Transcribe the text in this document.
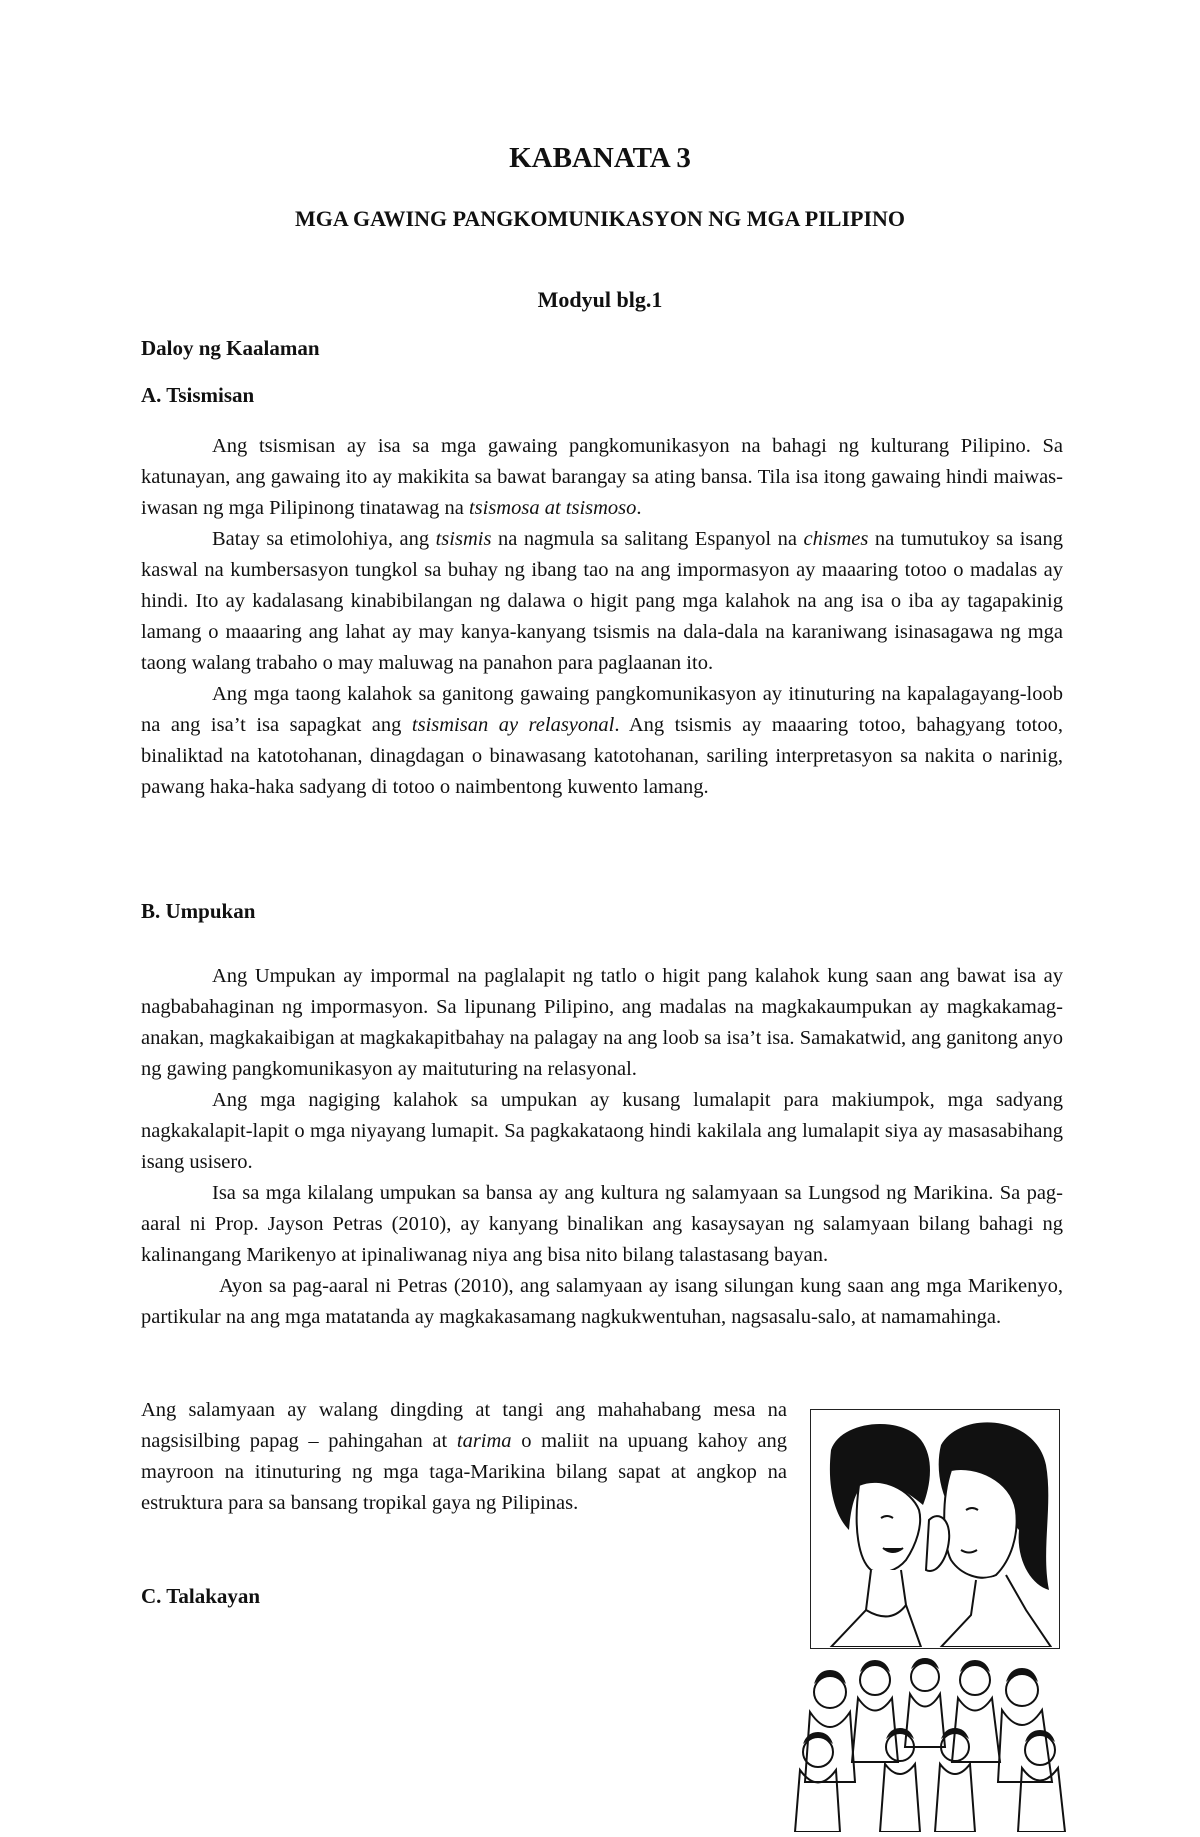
KABANATA 3
MGA GAWING PANGKOMUNIKASYON NG MGA PILIPINO
Modyul blg.1
Daloy ng Kaalaman
A. Tsismisan

Ang tsismisan ay isa sa mga gawaing pangkomunikasyon na bahagi ng kulturang Pilipino. Sa katunayan, ang gawaing ito ay makikita sa bawat barangay sa ating bansa. Tila isa itong gawaing hindi maiwas-iwasan ng mga Pilipinong tinatawag na tsismosa at tsismoso.

Batay sa etimolohiya, ang tsismis na nagmula sa salitang Espanyol na chismes na tumutukoy sa isang kaswal na kumbersasyon tungkol sa buhay ng ibang tao na ang impormasyon ay maaaring totoo o madalas ay hindi. Ito ay kadalasang kinabibilangan ng dalawa o higit pang mga kalahok na ang isa o iba ay tagapakinig lamang o maaaring ang lahat ay may kanya-kanyang tsismis na dala-dala na karaniwang isinasagawa ng mga taong walang trabaho o may maluwag na panahon para paglaanan ito.

Ang mga taong kalahok sa ganitong gawaing pangkomunikasyon ay itinuturing na kapalagayang-loob na ang isa’t isa sapagkat ang tsismisan ay relasyonal. Ang tsismis ay maaaring totoo, bahagyang totoo, binaliktad na katotohanan, dinagdagan o binawasang katotohanan, sariling interpretasyon sa nakita o narinig, pawang haka-haka sadyang di totoo o naimbentong kuwento lamang.

B. Umpukan

Ang Umpukan ay impormal na paglalapit ng tatlo o higit pang kalahok kung saan ang bawat isa ay nagbabahaginan ng impormasyon. Sa lipunang Pilipino, ang madalas na magkakaumpukan ay magkakamag-anakan, magkakaibigan at magkakapitbahay na palagay na ang loob sa isa’t isa. Samakatwid, ang ganitong anyo ng gawing pangkomunikasyon ay maituturing na relasyonal.

Ang mga nagiging kalahok sa umpukan ay kusang lumalapit para makiumpok, mga sadyang nagkakalapit-lapit o mga niyayang lumapit. Sa pagkakataong hindi kakilala ang lumalapit siya ay masasabihang isang usisero.

Isa sa mga kilalang umpukan sa bansa ay ang kultura ng salamyaan sa Lungsod ng Marikina. Sa pag-aaral ni Prop. Jayson Petras (2010), ay kanyang binalikan ang kasaysayan ng salamyaan bilang bahagi ng kalinangang Marikenyo at ipinaliwanag niya ang bisa nito bilang talastasang bayan.

Ayon sa pag-aaral ni Petras (2010), ang salamyaan ay isang silungan kung saan ang mga Marikenyo, partikular na ang mga matatanda ay magkakasamang nagkukwentuhan, nagsasalu-salo, at namamahinga.

Ang salamyaan ay walang dingding at tangi ang mahahabang mesa na nagsisilbing papag – pahingahan at tarima o maliit na upuang kahoy ang mayroon na itinuturing ng mga taga-Marikina bilang sapat at angkop na estruktura para sa bansang tropikal gaya ng Pilipinas.

C. Talakayan
